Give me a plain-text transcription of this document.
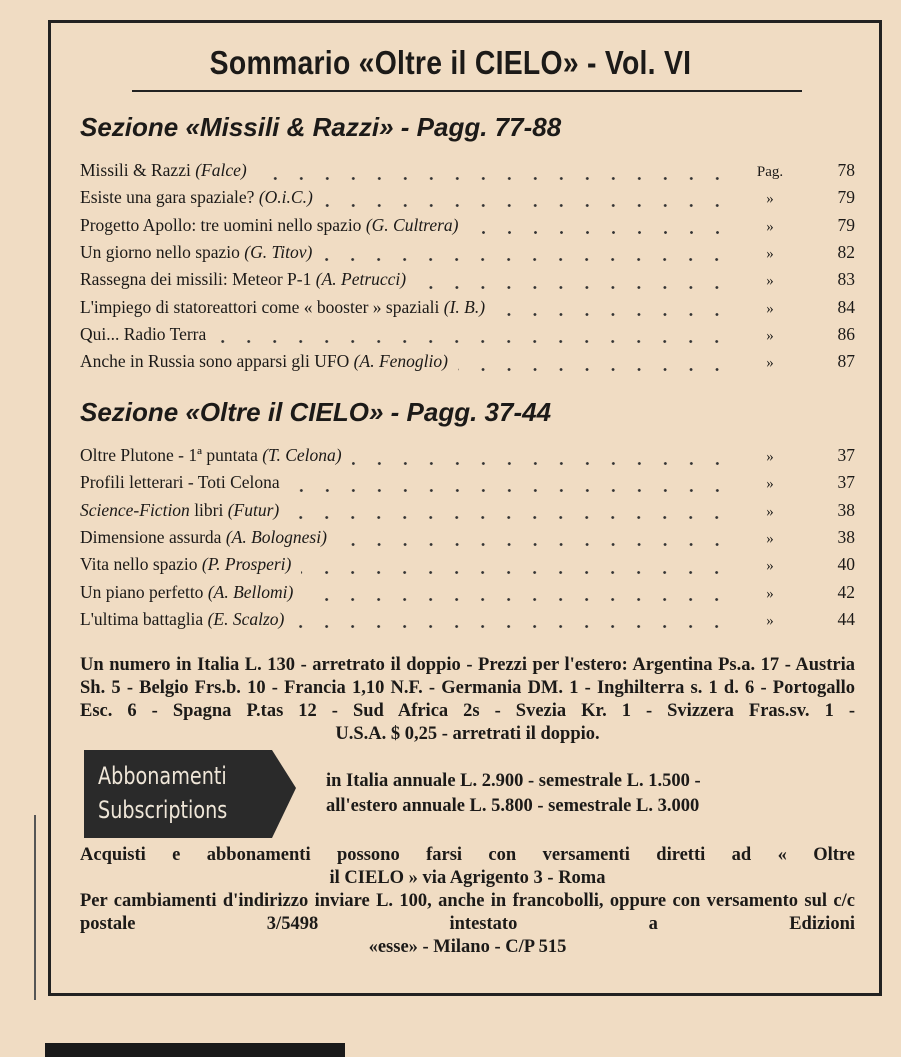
Sommario «Oltre il CIELO» - Vol. VI
Sezione «Missili & Razzi» - Pagg. 77-88
Missili & Razzi (Falce)	Pag.	78
Esiste una gara spaziale? (O.i.C.)	»	79
Progetto Apollo: tre uomini nello spazio (G. Cultrera)	»	79
Un giorno nello spazio (G. Titov)	»	82
Rassegna dei missili: Meteor P-1 (A. Petrucci)	»	83
L'impiego di statoreattori come « booster » spaziali (I. B.)	»	84
Qui... Radio Terra	»	86
Anche in Russia sono apparsi gli UFO (A. Fenoglio)	»	87
Sezione «Oltre il CIELO» - Pagg. 37-44
Oltre Plutone - 1ª puntata (T. Celona)	»	37
Profili letterari - Toti Celona	»	37
Science-Fiction libri (Futur)	»	38
Dimensione assurda (A. Bolognesi)	»	38
Vita nello spazio (P. Prosperi)	»	40
Un piano perfetto (A. Bellomi)	»	42
L'ultima battaglia (E. Scalzo)	»	44
Un numero in Italia L. 130 - arretrato il doppio - Prezzi per l'estero: Argentina Ps.a. 17 - Austria Sh. 5 - Belgio Frs.b. 10 - Francia 1,10 N.F. - Germania DM. 1 - Inghilterra s. 1 d. 6 - Portogallo Esc. 6 - Spagna P.tas 12 - Sud Africa 2s - Svezia Kr. 1 - Svizzera Fras.sv. 1 -
U.S.A. $ 0,25 - arretrati il doppio.
Abbonamenti
Subscriptions
in Italia annuale L. 2.900 - semestrale L. 1.500 -
all'estero annuale L. 5.800 - semestrale L. 3.000
Acquisti e abbonamenti possono farsi con versamenti diretti ad « Oltre
il CIELO » via Agrigento 3 - Roma
Per cambiamenti d'indirizzo inviare L. 100, anche in francobolli, oppure con versamento sul c/c postale 3/5498 intestato a Edizioni
«esse» - Milano - C/P 515
